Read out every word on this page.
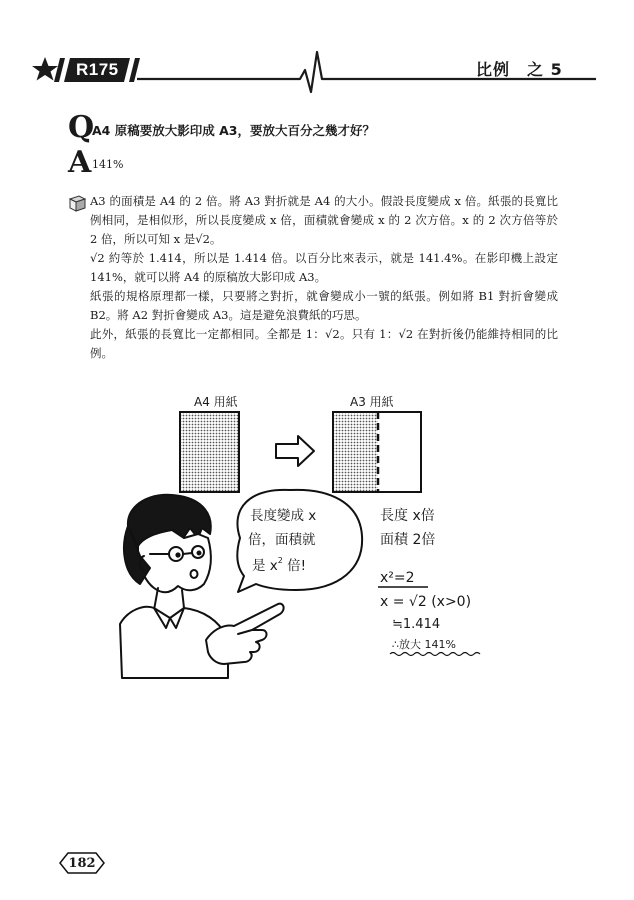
R175	比例　之 5
Q
A4 原稿要放大影印成 A3，要放大百分之幾才好？
A 141%

A3 的面積是 A4 的 2 倍。將 A3 對折就是 A4 的大小。假設長度變成 x 倍。紙張的長寬比例相同，是相似形，所以長度變成 x 倍，面積就會變成 x 的 2 次方倍。x 的 2 次方倍等於 2 倍，所以可知 x 是√2。

√2 約等於 1.414，所以是 1.414 倍。以百分比來表示，就是 141.4%。在影印機上設定 141%，就可以將 A4 的原稿放大影印成 A3。

紙張的規格原理都一樣，只要將之對折，就會變成小一號的紙張。例如將 B1 對折會變成 B2。將 A2 對折會變成 A3。這是避免浪費紙的巧思。

此外，紙張的長寬比一定都相同。全都是 1：√2。只有 1：√2 在對折後仍能維持相同的比例。

A4 用紙	A3 用紙
長度變成 x
倍，面積就
是 $x^2$ 倍!
長度 x倍
面積 2倍
x²=2
x = √2 (x>0)
≒1.414
∴放大 141%
182
